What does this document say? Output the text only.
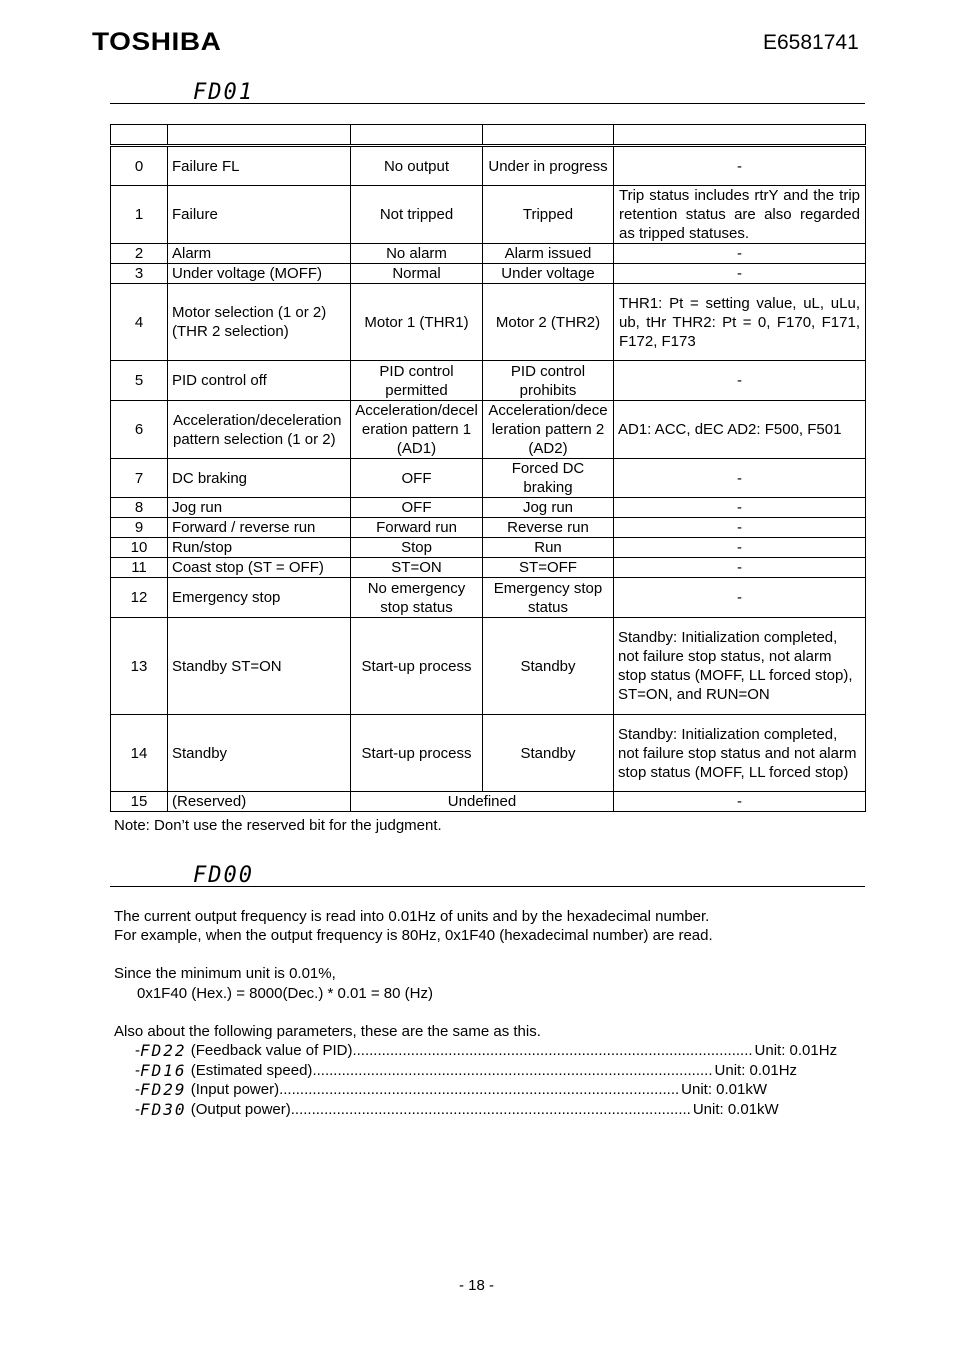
TOSHIBA	E6581741
FD01

0	Failure FL	No output	Under in progress	-
1	Failure	Not tripped	Tripped	Trip status includes rtrY and the trip retention status are also regarded as tripped statuses.
2	Alarm	No alarm	Alarm issued	-
3	Under voltage (MOFF)	Normal	Under voltage	-
4	Motor selection (1 or 2) (THR 2 selection)	Motor 1 (THR1)	Motor 2 (THR2)	THR1: Pt = setting value, uL, uLu, ub, tHr THR2: Pt = 0, F170, F171, F172, F173
5	PID control off	PID control permitted	PID control prohibits	-
6	Acceleration/deceleration pattern selection (1 or 2)	Acceleration/deceleration pattern 1 (AD1)	Acceleration/deceleration pattern 2 (AD2)	AD1: ACC, dEC AD2: F500, F501
7	DC braking	OFF	Forced DC braking	-
8	Jog run	OFF	Jog run	-
9	Forward / reverse run	Forward run	Reverse run	-
10	Run/stop	Stop	Run	-
11	Coast stop (ST = OFF)	ST=ON	ST=OFF	-
12	Emergency stop	No emergency stop status	Emergency stop status	-
13	Standby ST=ON	Start-up process	Standby	Standby: Initialization completed, not failure stop status, not alarm stop status (MOFF, LL forced stop), ST=ON, and RUN=ON
14	Standby	Start-up process	Standby	Standby: Initialization completed, not failure stop status and not alarm stop status (MOFF, LL forced stop)
15	(Reserved)	Undefined		-
Note: Don’t use the reserved bit for the judgment.
FD00
The current output frequency is read into 0.01Hz of units and by the hexadecimal number.
For example, when the output frequency is 80Hz, 0x1F40 (hexadecimal number) are read.
Since the minimum unit is 0.01%,
0x1F40 (Hex.) = 8000(Dec.) * 0.01 = 80 (Hz)
Also about the following parameters, these are the same as this.
- FD22
(Feedback value of PID) ................................................................................................ Unit: 0.01Hz
- FD16
(Estimated speed) ................................................................................................ Unit: 0.01Hz
- FD29
(Input power) ................................................................................................ Unit: 0.01kW
- FD30
(Output power) ................................................................................................ Unit: 0.01kW
- 18 -
